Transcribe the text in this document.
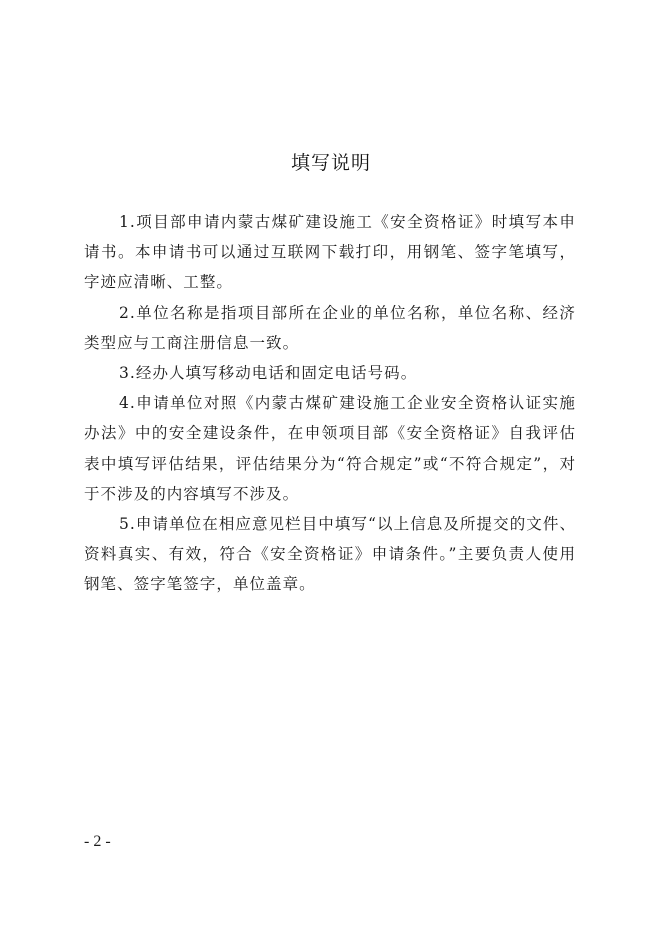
填写说明

1.项目部申请内蒙古煤矿建设施工《安全资格证》时填写本申请书。本申请书可以通过互联网下载打印，用钢笔、签字笔填写，字迹应清晰、工整。

2.单位名称是指项目部所在企业的单位名称，单位名称、经济类型应与工商注册信息一致。

3.经办人填写移动电话和固定电话号码。

4.申请单位对照《内蒙古煤矿建设施工企业安全资格认证实施办法》中的安全建设条件，在申领项目部《安全资格证》自我评估表中填写评估结果，评估结果分为“符合规定”或“不符合规定”，对于不涉及的内容填写不涉及。

5.申请单位在相应意见栏目中填写“以上信息及所提交的文件、资料真实、有效，符合《安全资格证》申请条件。”主要负责人使用钢笔、签字笔签字，单位盖章。

- 2 -
